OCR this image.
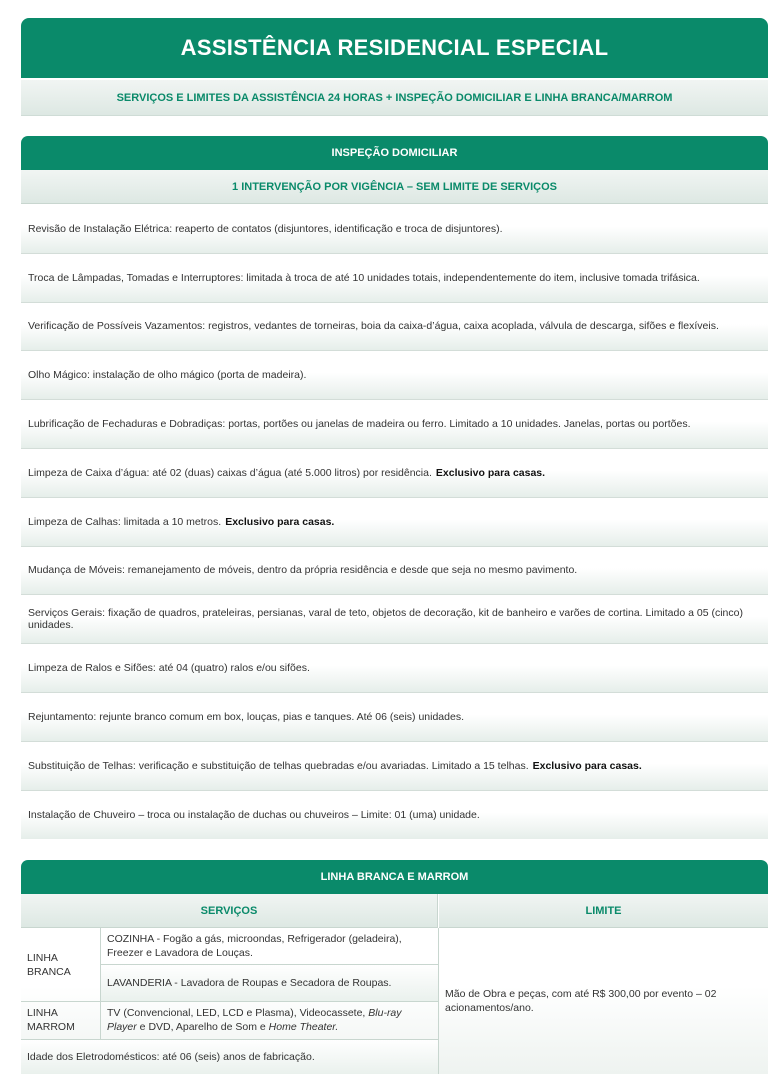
ASSISTÊNCIA RESIDENCIAL ESPECIAL
SERVIÇOS E LIMITES DA ASSISTÊNCIA 24 HORAS + INSPEÇÃO DOMICILIAR E LINHA BRANCA/MARROM
INSPEÇÃO DOMICILIAR
1 INTERVENÇÃO POR VIGÊNCIA – SEM LIMITE DE SERVIÇOS
Revisão de Instalação Elétrica: reaperto de contatos (disjuntores, identificação e troca de disjuntores).
Troca de Lâmpadas, Tomadas e Interruptores: limitada à troca de até 10 unidades totais, independentemente do item, inclusive tomada trifásica.
Verificação de Possíveis Vazamentos: registros, vedantes de torneiras, boia da caixa-d’água, caixa acoplada, válvula de descarga, sifões e flexíveis.
Olho Mágico: instalação de olho mágico (porta de madeira).
Lubrificação de Fechaduras e Dobradiças: portas, portões ou janelas de madeira ou ferro. Limitado a 10 unidades. Janelas, portas ou portões.
Limpeza de Caixa d’água: até 02 (duas) caixas d’água (até 5.000 litros) por residência. Exclusivo para casas.
Limpeza de Calhas: limitada a 10 metros. Exclusivo para casas.
Mudança de Móveis: remanejamento de móveis, dentro da própria residência e desde que seja no mesmo pavimento.
Serviços Gerais: fixação de quadros, prateleiras, persianas, varal de teto, objetos de decoração, kit de banheiro e varões de cortina. Limitado a 05 (cinco) unidades.
Limpeza de Ralos e Sifões: até 04 (quatro) ralos e/ou sifões.
Rejuntamento: rejunte branco comum em box, louças, pias e tanques. Até 06 (seis) unidades.
Substituição de Telhas: verificação e substituição de telhas quebradas e/ou avariadas. Limitado a 15 telhas. Exclusivo para casas.
Instalação de Chuveiro – troca ou instalação de duchas ou chuveiros – Limite: 01 (uma) unidade.
LINHA BRANCA E MARROM
SERVIÇOS	LIMITE
LINHA BRANCA
COZINHA - Fogão a gás, microondas, Refrigerador (geladeira), Freezer e Lavadora de Louças.
LAVANDERIA - Lavadora de Roupas e Secadora de Roupas.
LINHA MARROM
TV (Convencional, LED, LCD e Plasma), Videocassete, Blu-ray Player e DVD, Aparelho de Som e Home Theater.
Idade dos Eletrodomésticos: até 06 (seis) anos de fabricação.
Mão de Obra e peças, com até R$ 300,00 por evento – 02 acionamentos/ano.
